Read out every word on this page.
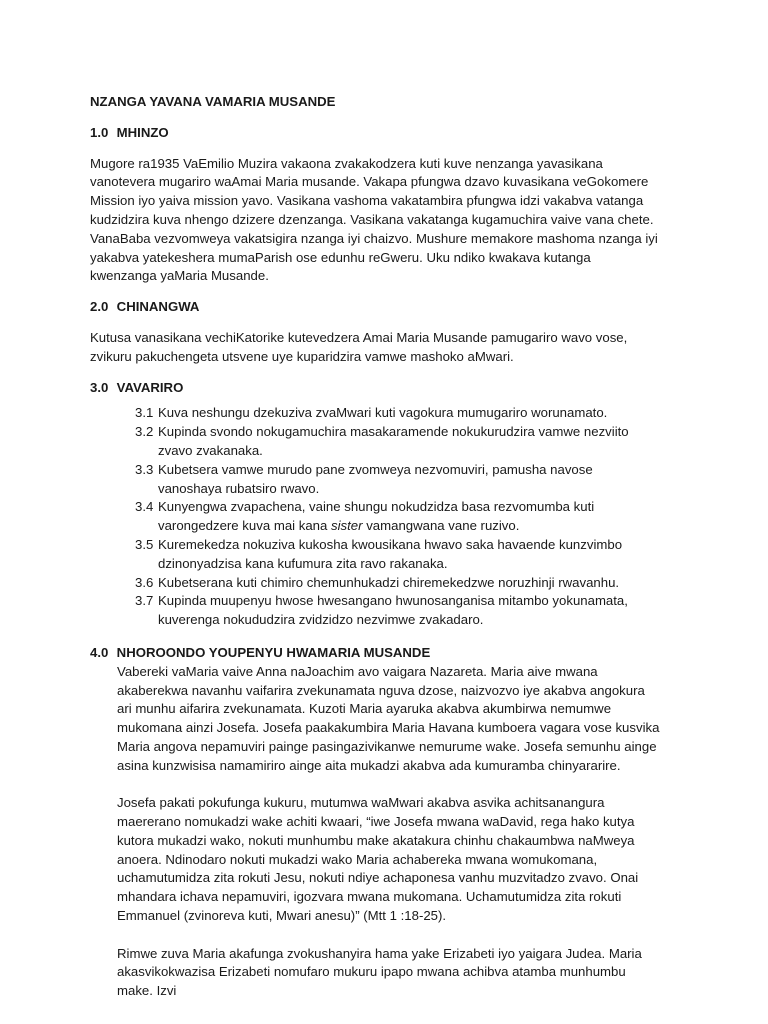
NZANGA YAVANA VAMARIA MUSANDE
1.0 MHINZO

Mugore ra1935 VaEmilio Muzira vakaona zvakakodzera kuti kuve nenzanga yavasikana vanotevera mugariro waAmai Maria musande. Vakapa pfungwa dzavo kuvasikana veGokomere Mission iyo yaiva mission yavo. Vasikana vashoma vakatambira pfungwa idzi vakabva vatanga kudzidzira kuva nhengo dzizere dzenzanga. Vasikana vakatanga kugamuchira vaive vana chete. VanaBaba vezvomweya vakatsigira nzanga iyi chaizvo. Mushure memakore mashoma nzanga iyi yakabva yatekeshera mumaParish ose edunhu reGweru. Uku ndiko kwakava kutanga kwenzanga yaMaria Musande.

2.0 CHINANGWA

Kutusa vanasikana vechiKatorike kutevedzera Amai Maria Musande pamugariro wavo vose, zvikuru pakuchengeta utsvene uye kuparidzira vamwe mashoko aMwari.

3.0 VAVARIRO
3.1 Kuva neshungu dzekuziva zvaMwari kuti vagokura mumugariro worunamato.
3.2 Kupinda svondo nokugamuchira masakaramende nokukurudzira vamwe nezviito zvavo zvakanaka.
3.3 Kubetsera vamwe murudo pane zvomweya nezvomuviri, pamusha navose vanoshaya rubatsiro rwavo.
3.4 Kunyengwa zvapachena, vaine shungu nokudzidza basa rezvomumba kuti varongedzere kuva mai kana sister vamangwana vane ruzivo.
3.5 Kuremekedza nokuziva kukosha kwousikana hwavo saka havaende kunzvimbo dzinonyadzisa kana kufumura zita ravo rakanaka.
3.6 Kubetserana kuti chimiro chemunhukadzi chiremekedzwe noruzhinji rwavanhu.
3.7 Kupinda muupenyu hwose hwesangano hwunosanganisa mitambo yokunamata, kuverenga nokududzira zvidzidzo nezvimwe zvakadaro.
4.0 NHOROONDO YOUPENYU HWAMARIA MUSANDE

Vabereki vaMaria vaive Anna naJoachim avo vaigara Nazareta. Maria aive mwana akaberekwa navanhu vaifarira zvekunamata nguva dzose, naizvozvo iye akabva angokura ari munhu aifarira zvekunamata. Kuzoti Maria ayaruka akabva akumbirwa nemumwe mukomana ainzi Josefa. Josefa paakakumbira Maria Havana kumboera vagara vose kusvika Maria angova nepamuviri painge pasingazivikanwe nemurume wake. Josefa semunhu ainge asina kunzwisisa namamiriro ainge aita mukadzi akabva ada kumuramba chinyararire.

Josefa pakati pokufunga kukuru, mutumwa waMwari akabva asvika achitsanangura maererano nomukadzi wake achiti kwaari, “iwe Josefa mwana waDavid, rega hako kutya kutora mukadzi wako, nokuti munhumbu make akatakura chinhu chakaumbwa naMweya anoera. Ndinodaro nokuti mukadzi wako Maria achabereka mwana womukomana, uchamutumidza zita rokuti Jesu, nokuti ndiye achaponesa vanhu muzvitadzo zvavo. Onai mhandara ichava nepamuviri, igozvara mwana mukomana. Uchamutumidza zita rokuti Emmanuel (zvinoreva kuti, Mwari anesu)” (Mtt 1 :18-25).

Rimwe zuva Maria akafunga zvokushanyira hama yake Erizabeti iyo yaigara Judea. Maria akasvikokwazisa Erizabeti nomufaro mukuru ipapo mwana achibva atamba munhumbu make. Izvi
